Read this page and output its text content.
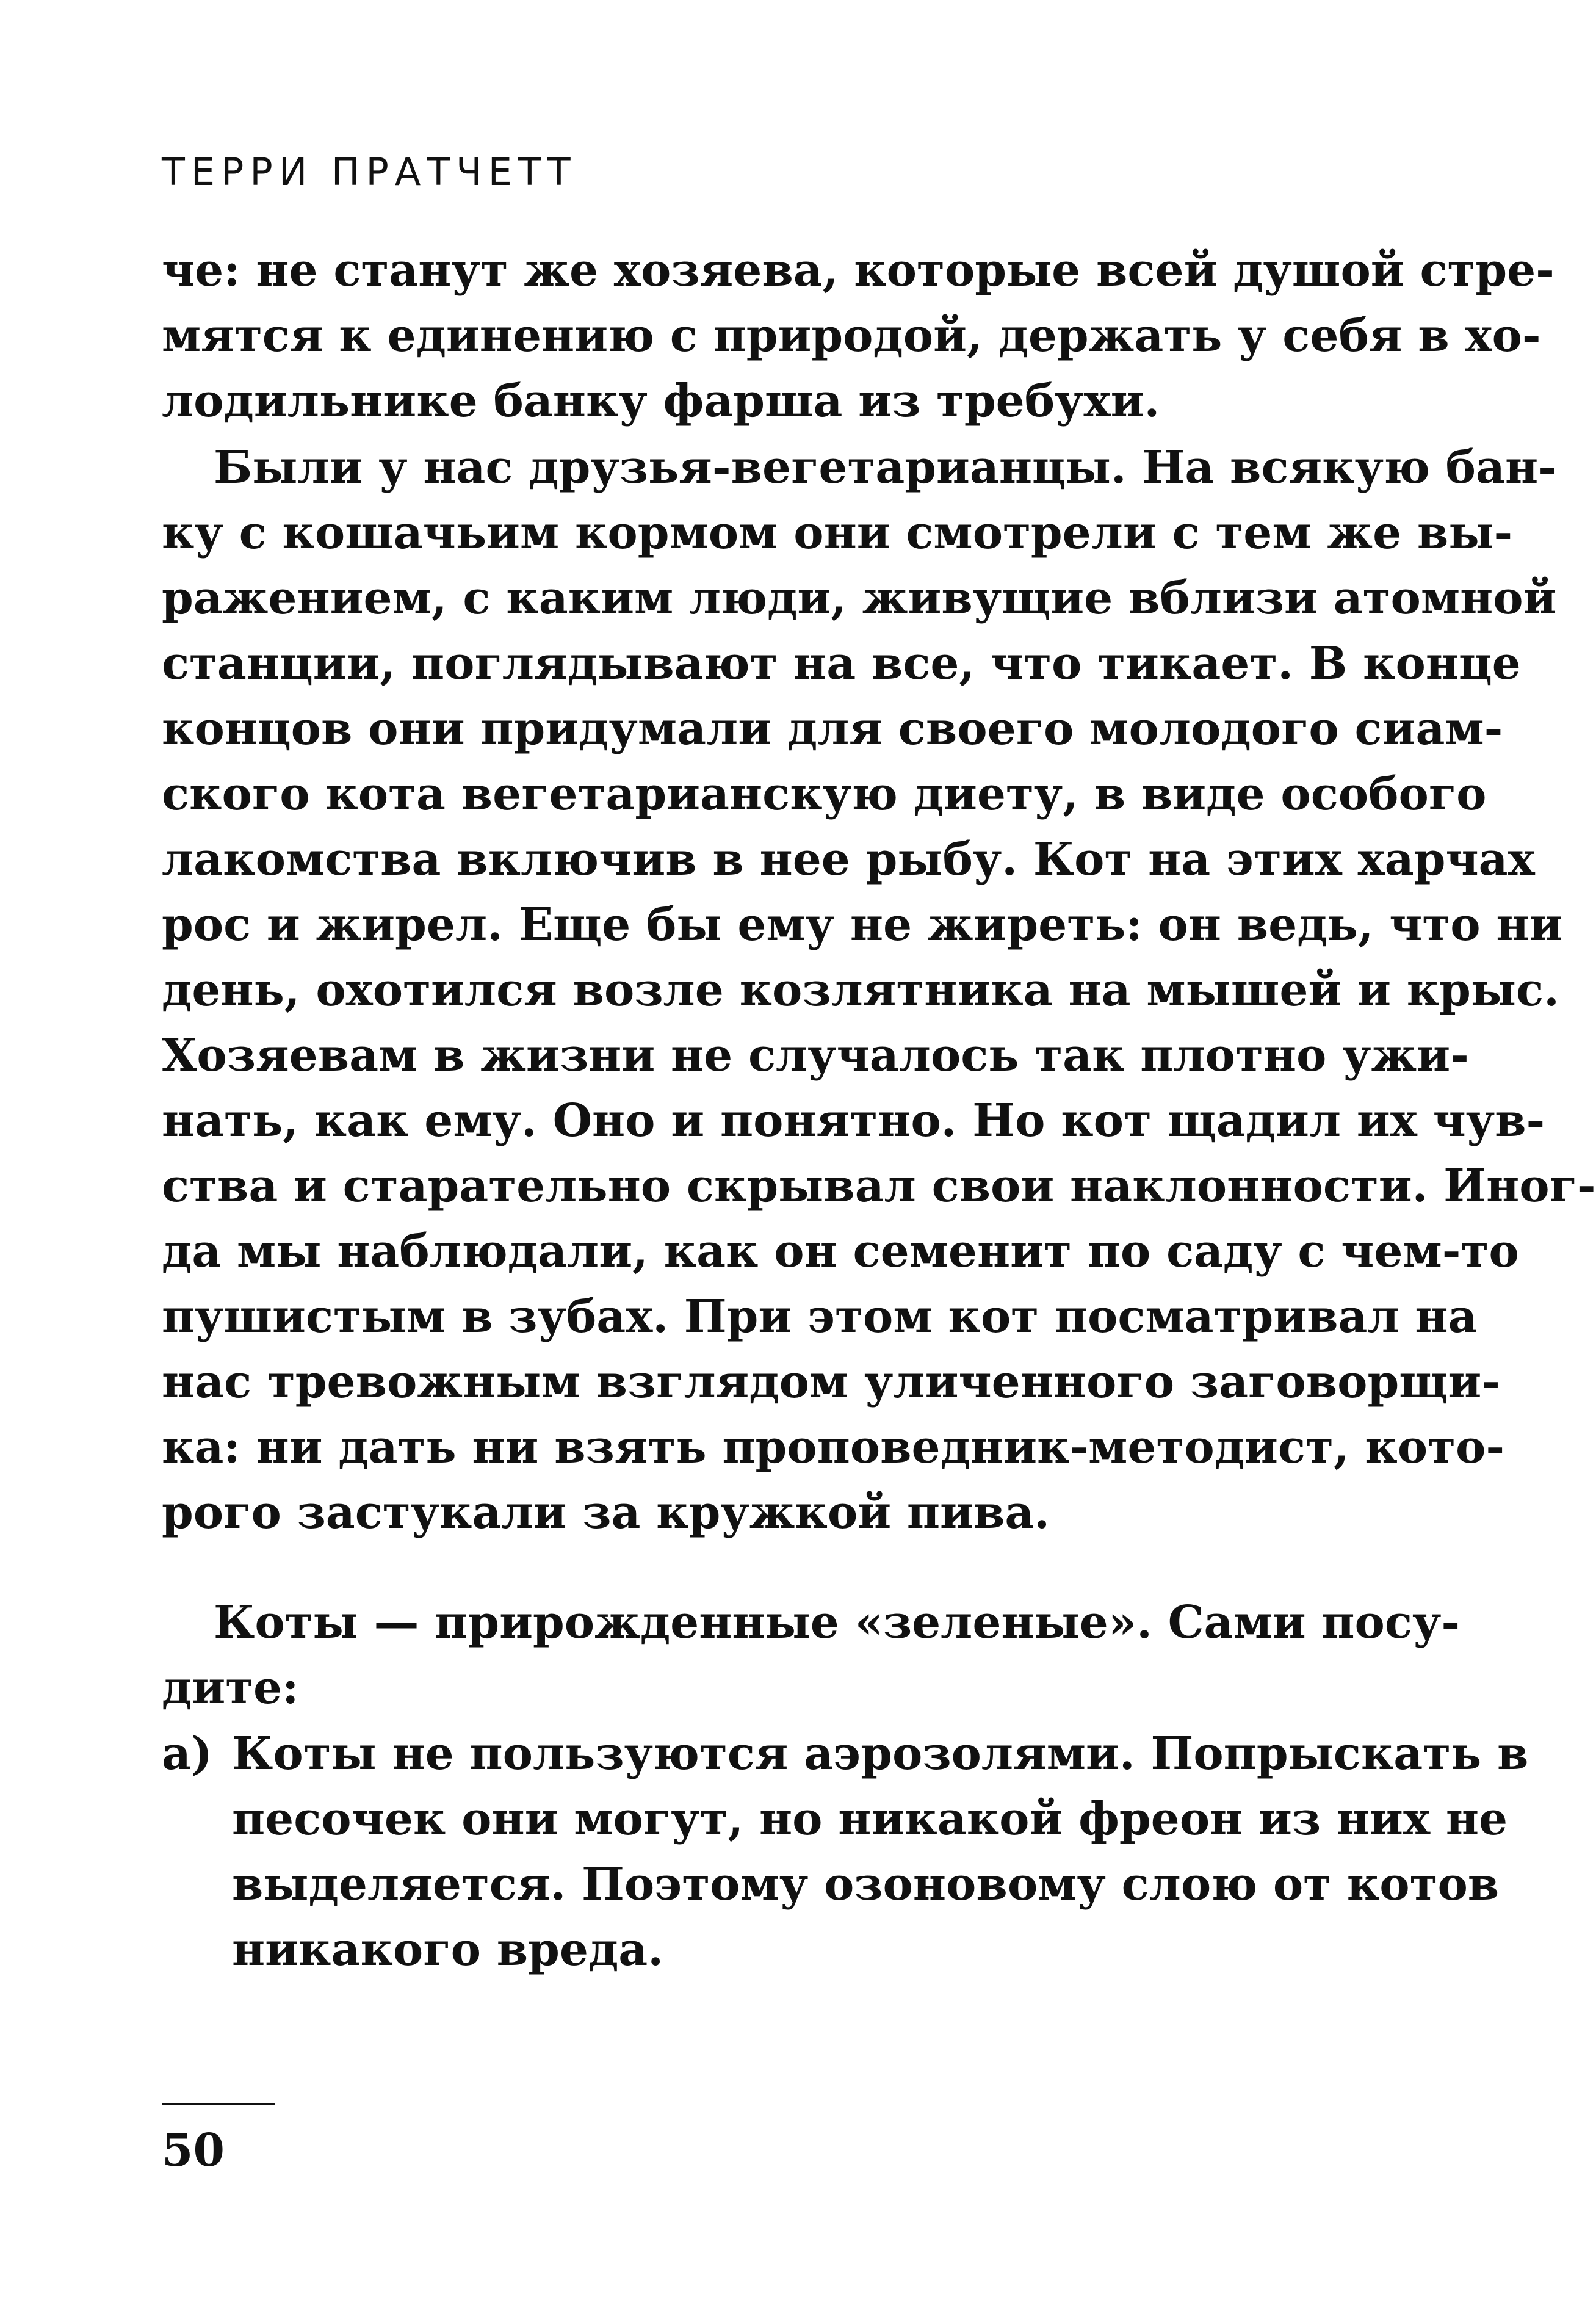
ТЕРРИ ПРАТЧЕТТ
че: не станут же хозяева, которые всей душой стре-
мятся к единению с природой, держать у себя в хо-
лодильнике банку фарша из требухи.
Были у нас друзья-вегетарианцы. На всякую бан-
ку с кошачьим кормом они смотрели с тем же вы-
ражением, с каким люди, живущие вблизи атомной
станции, поглядывают на все, что тикает. В конце
концов они придумали для своего молодого сиам-
ского кота вегетарианскую диету, в виде особого
лакомства включив в нее рыбу. Кот на этих харчах
рос и жирел. Еще бы ему не жиреть: он ведь, что ни
день, охотился возле козлятника на мышей и крыс.
Хозяевам в жизни не случалось так плотно ужи-
нать, как ему. Оно и понятно. Но кот щадил их чув-
ства и старательно скрывал свои наклонности. Иног-
да мы наблюдали, как он семенит по саду с чем-то
пушистым в зубах. При этом кот посматривал на
нас тревожным взглядом уличенного заговорщи-
ка: ни дать ни взять проповедник-методист, кото-
рого застукали за кружкой пива.
Коты — прирожденные «зеленые». Сами посу-
дите:
а) Коты не пользуются аэрозолями. Попрыскать в
песочек они могут, но никакой фреон из них не
выделяется. Поэтому озоновому слою от котов
никакого вреда.
50
